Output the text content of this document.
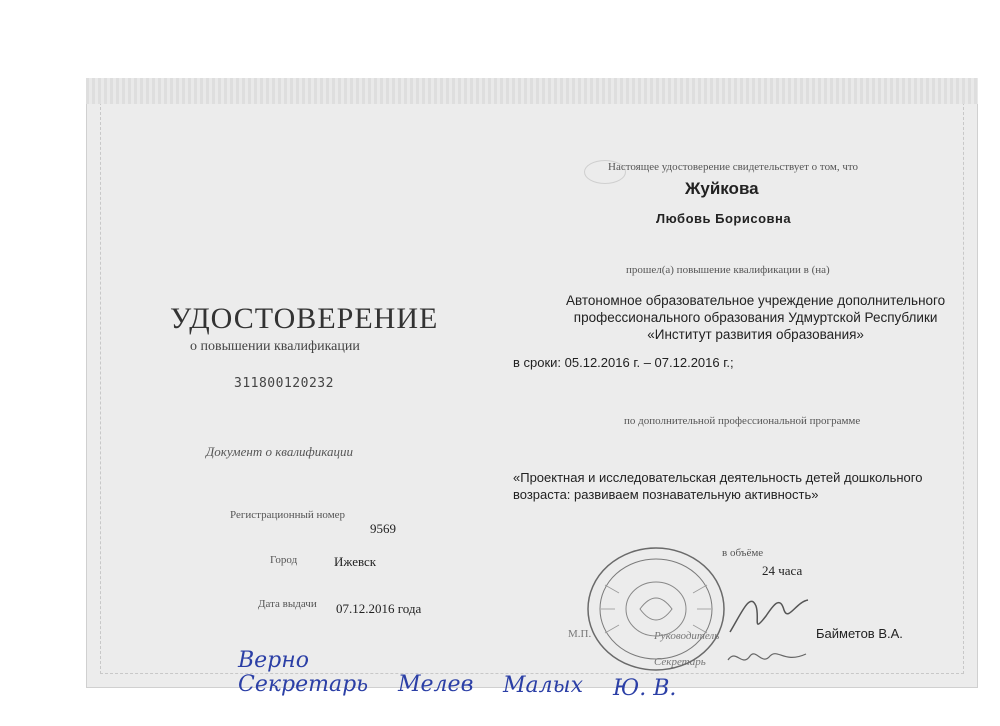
УДОСТОВЕРЕНИЕ
о повышении квалификации
311800120232
Документ о квалификации
Регистрационный номер
9569
Город	Ижевск
Дата выдачи 07.12.2016 года
Настоящее удостоверение свидетельствует о том, что
Жуйкова
Любовь Борисовна
прошел(а) повышение квалификации в (на)
Автономное образовательное учреждение дополнительного
профессионального образования Удмуртской Республики
«Институт развития образования»
в сроки: 05.12.2016 г. – 07.12.2016 г.;
по дополнительной профессиональной программе
«Проектная и исследовательская деятельность детей дошкольного возраста: развиваем познавательную активность»
в объёме
24 часа
М.П.	Руководитель
Секретарь
Байметов В.А.
Верно
Секретарь Мелев Малых Ю. В.
